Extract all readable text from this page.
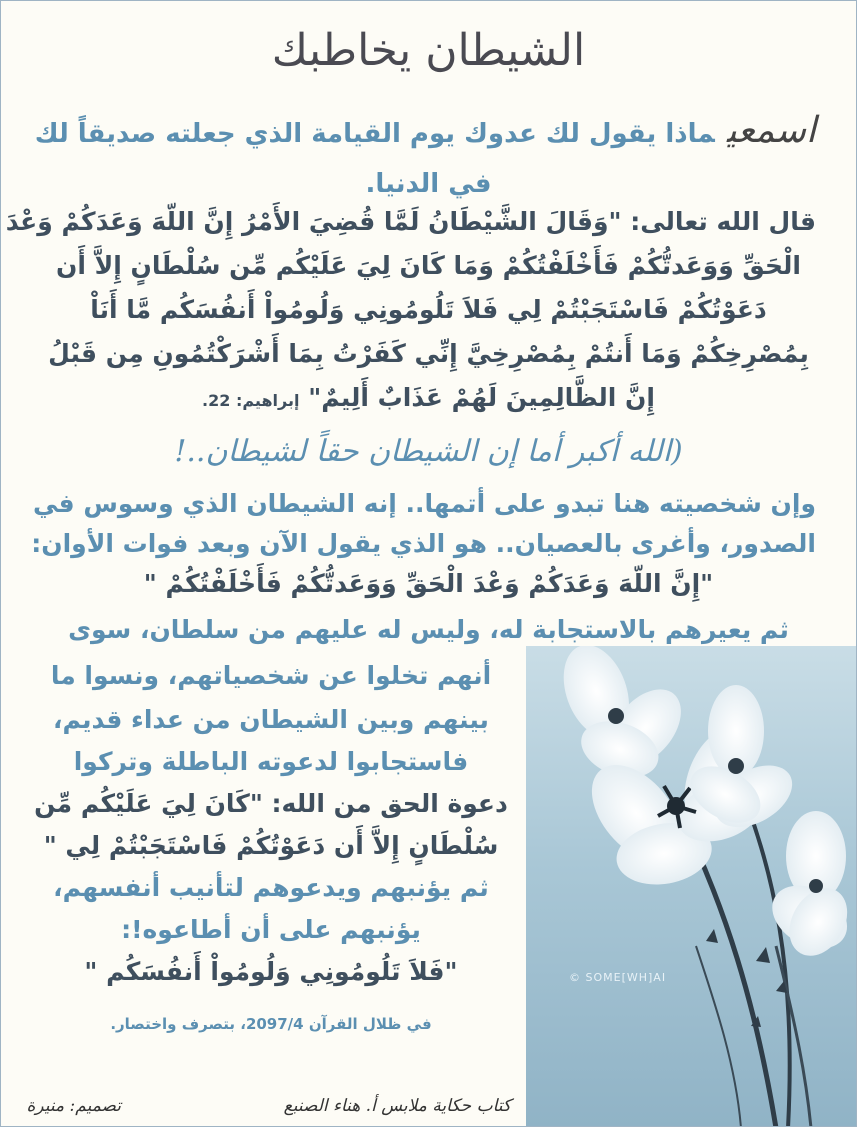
الشيطان يخاطبك
اسمعيماذا يقول لك عدوك يوم القيامة الذي جعلته صديقاً لك
في الدنيا.
قال الله تعالى: "وَقَالَ الشَّيْطَانُ لَمَّا قُضِيَ الأَمْرُ إِنَّ اللّهَ وَعَدَكُمْ وَعْدَ
الْحَقِّ وَوَعَدتُّكُمْ فَأَخْلَفْتُكُمْ وَمَا كَانَ لِيَ عَلَيْكُم مِّن سُلْطَانٍ إِلاَّ أَن
دَعَوْتُكُمْ فَاسْتَجَبْتُمْ لِي فَلاَ تَلُومُونِي وَلُومُواْ أَنفُسَكُم مَّا أَنَاْ
بِمُصْرِخِكُمْ وَمَا أَنتُمْ بِمُصْرِخِيَّ إِنِّي كَفَرْتُ بِمَا أَشْرَكْتُمُونِ مِن قَبْلُ
إِنَّ الظَّالِمِينَ لَهُمْ عَذَابٌ أَلِيمٌ" إبراهيم: 22.
(الله أكبر أما إن الشيطان حقاً لشيطان..!
وإن شخصيته هنا تبدو على أتمها.. إنه الشيطان الذي وسوس في
الصدور، وأغرى بالعصيان.. هو الذي يقول الآن وبعد فوات الأوان:
"إِنَّ اللّهَ وَعَدَكُمْ وَعْدَ الْحَقِّ وَوَعَدتُّكُمْ فَأَخْلَفْتُكُمْ "
ثم يعيرهم بالاستجابة له، وليس له عليهم من سلطان، سوى
أنهم تخلوا عن شخصياتهم، ونسوا ما
بينهم وبين الشيطان من عداء قديم،
فاستجابوا لدعوته الباطلة وتركوا
دعوة الحق من الله: "كَانَ لِيَ عَلَيْكُم مِّن
سُلْطَانٍ إِلاَّ أَن دَعَوْتُكُمْ فَاسْتَجَبْتُمْ لِي "
ثم يؤنبهم ويدعوهم لتأنيب أنفسهم،
يؤنبهم على أن أطاعوه!:
"فَلاَ تَلُومُونِي وَلُومُواْ أَنفُسَكُم "
في ظلال القرآن 2097/4، بتصرف واختصار.
© SOME[WH]AI
كتاب حكاية ملابس أ. هناء الصنبع
تصميم: منيرة
